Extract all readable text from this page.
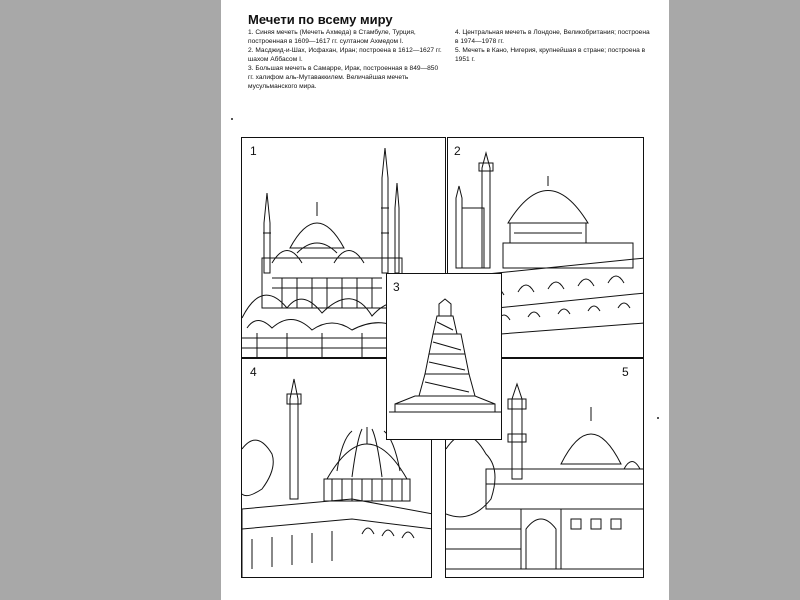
Мечети по всему миру

1. Синяя мечеть (Мечеть Ахмеда) в Стамбуле, Турция, построенная в 1609—1617 гг. султаном Ахмедом I.

2. Масджид-и-Шах, Исфахан, Иран; построена в 1612—1627 гг. шахом Аббасом I.

3. Большая мечеть в Самарре, Ирак, построенная в 849—850 гг. халифом аль-Мутаваккилем. Величайшая мечеть мусульманского мира.

4. Центральная мечеть в Лондоне, Великобритания; построена в 1974—1978 гг.

5. Мечеть в Кано, Нигерия, крупнейшая в стране; построена в 1951 г.

1	2
4	5
3
